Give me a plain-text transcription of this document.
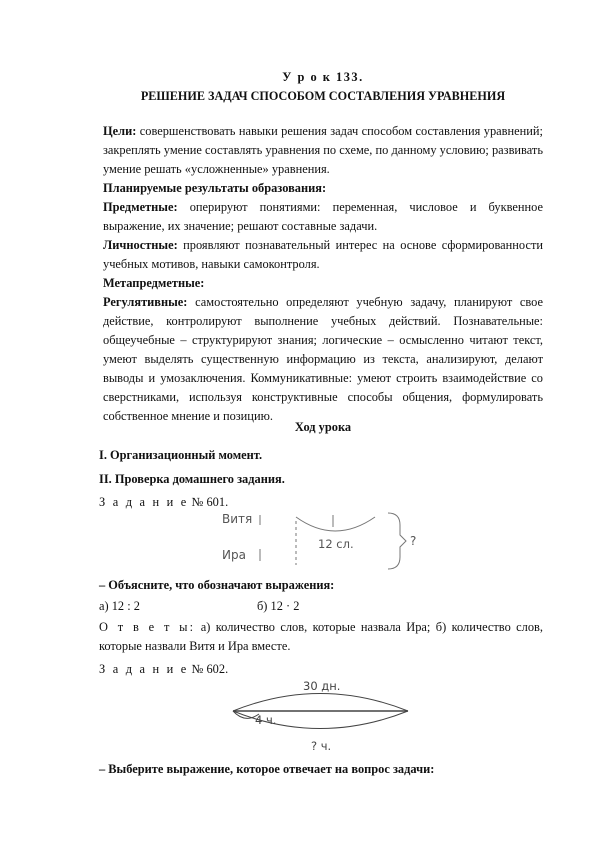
У р о к 133.
РЕШЕНИЕ ЗАДАЧ СПОСОБОМ СОСТАВЛЕНИЯ УРАВНЕНИЯ
Цели: совершенствовать навыки решения задач способом составления уравнений; закреплять умение составлять уравнения по схеме, по данному условию; развивать умение решать «усложненные» уравнения.
Планируемые результаты образования:
Предметные: оперируют понятиями: переменная, числовое и буквенное выражение, их значение; решают составные задачи.
Личностные: проявляют познавательный интерес на основе сформированности учебных мотивов, навыки самоконтроля.
Метапредметные:
Регулятивные: самостоятельно определяют учебную задачу, планируют свое действие, контролируют выполнение учебных действий. Познавательные: общеучебные – структурируют знания; логические – осмысленно читают текст, умеют выделять существенную информацию из текста, анализируют, делают выводы и умозаключения. Коммуникативные: умеют строить взаимодействие со сверстниками, используя конструктивные способы общения, формулировать собственное мнение и позицию.
Ход урока
I. Организационный момент.
II. Проверка домашнего задания.
З а д а н и е № 601.
Витя
Ира
12 сл.	?
– Объясните, что обозначают выражения:
а) 12 : 2	б) 12 · 2
О т в е т ы: а) количество слов, которые назвала Ира; б) количество слов, которые назвали Витя и Ира вместе.
З а д а н и е № 602.
30 дн.
4 ч.
? ч.
– Выберите выражение, которое отвечает на вопрос задачи:
